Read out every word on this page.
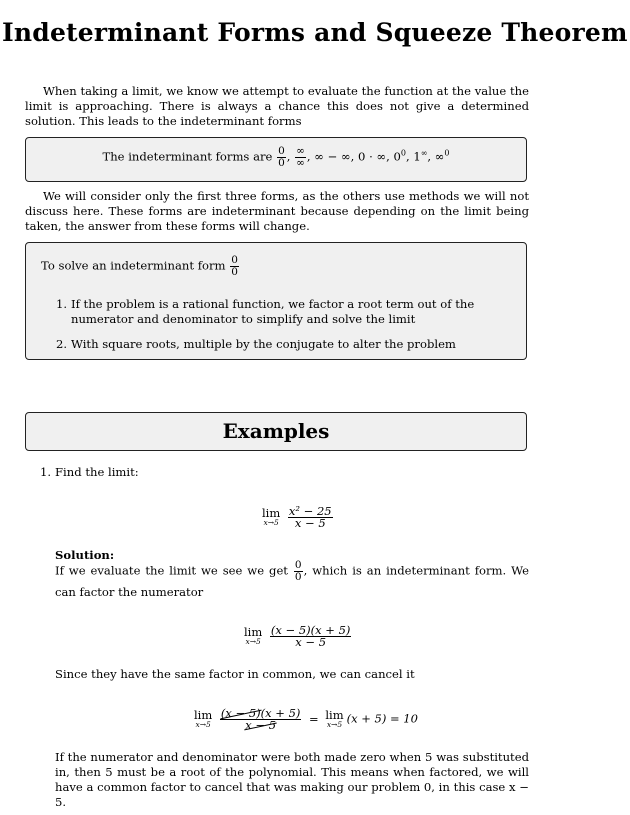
Indeterminant Forms and Squeeze Theorem

When taking a limit, we know we attempt to evaluate the function at the value the limit is approaching. There is always a chance this does not give a determined solution. This leads to the indeterminant forms

The indeterminant forms are $\frac{0}{0}$ , $\frac{\infty}{\infty}$ , ∞ − ∞, 0 · ∞, $0^0$, 1∞, ∞$^0$

We will consider only the first three forms, as the others use methods we will not discuss here. These forms are indeterminant because depending on the limit being taken, the answer from these forms will change.

To solve an indeterminant form $\frac{0}{0}$
1. If the problem is a rational function, we factor a root term out of the numerator and denominator to simplify and solve the limit
2. With square roots, multiple by the conjugate to alter the problem
Examples
1. Find the limit:
lim
x→5
$\frac{\text{x² − 25}}{x - 5}$
Solution:
If we evaluate the limit we see we get $\frac{0}{0}$ , which is an indeterminant form. We can factor the numerator
lim
x→5
$\frac{(x - 5)(x + 5)}{x - 5}$
Since they have the same factor in common, we can cancel it
lim
x→5
$\frac{(x - 5)(x + 5)}{x - 5} = \lim$
x→5 (x + 5) = 10

If the numerator and denominator were both made zero when 5 was substituted in, then 5 must be a root of the polynomial. This means when factored, we will have a common factor to cancel that was making our problem 0, in this case x − 5.
